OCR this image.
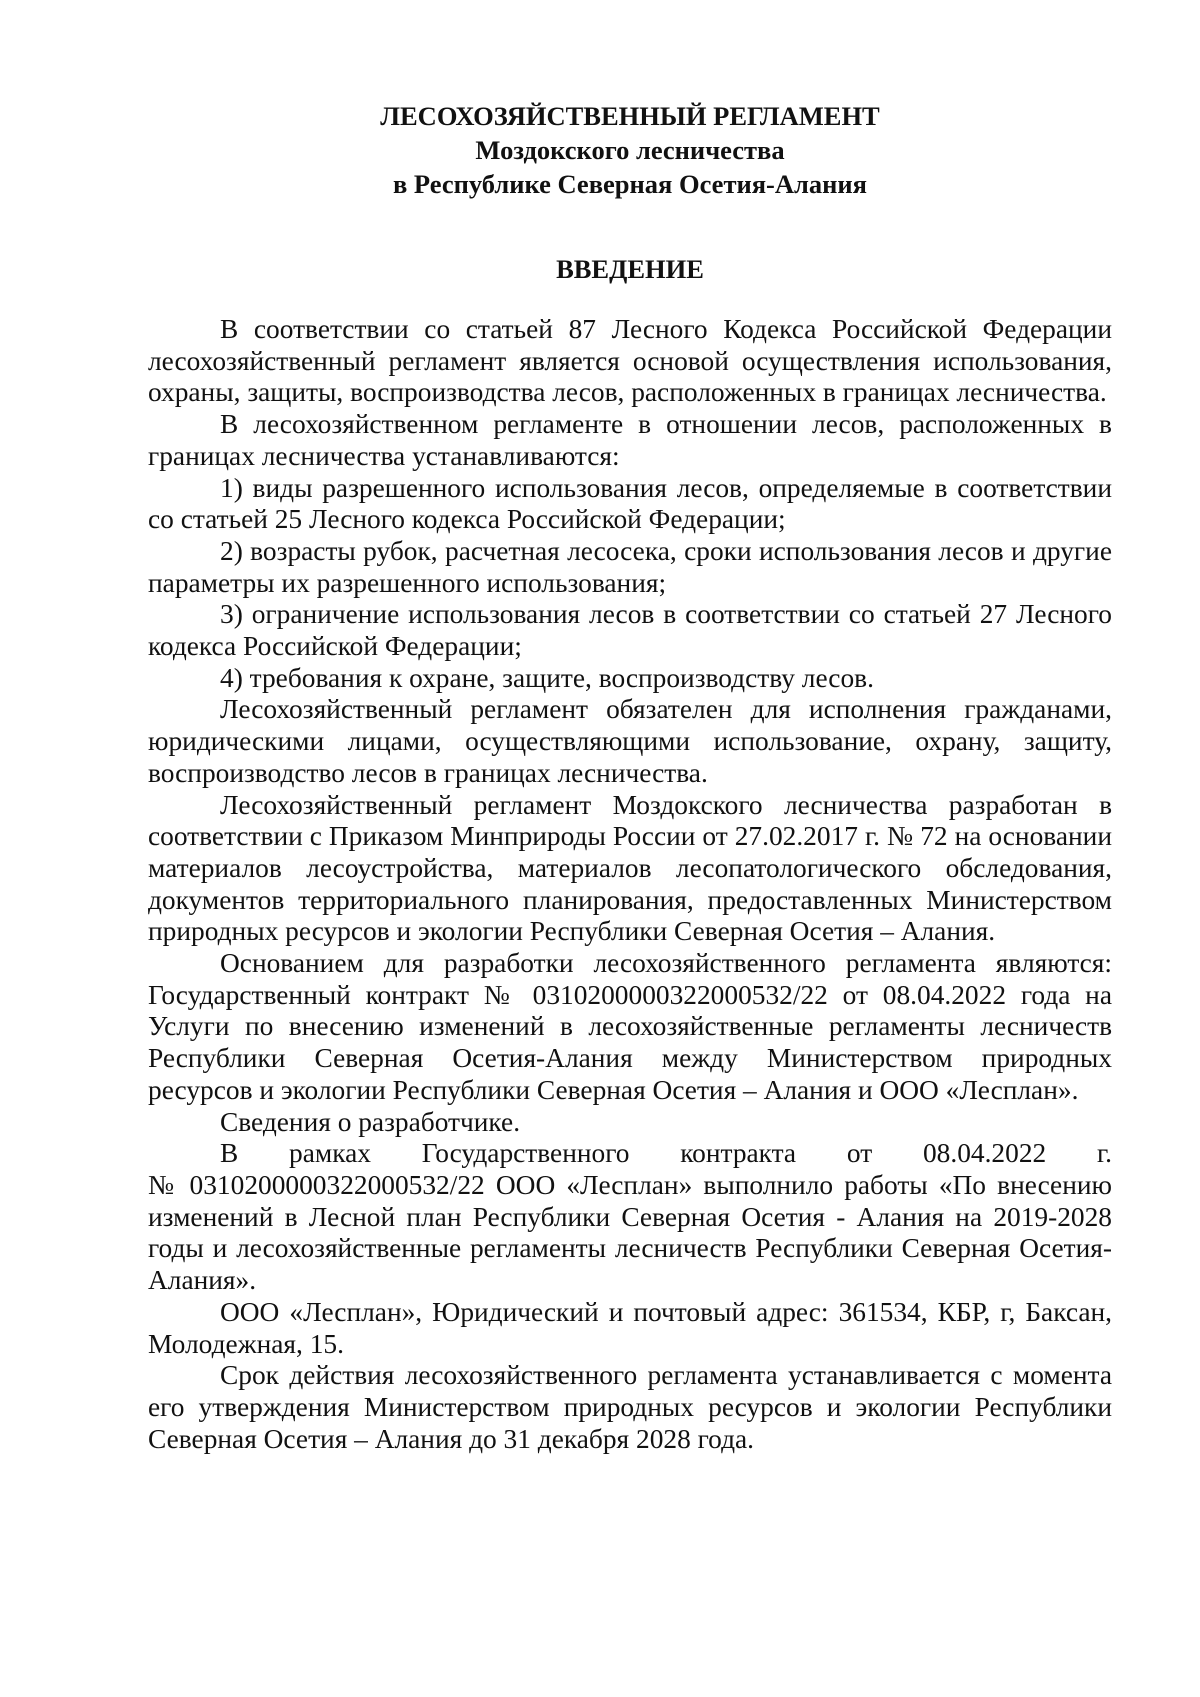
ЛЕСОХОЗЯЙСТВЕННЫЙ РЕГЛАМЕНТ
Моздокского лесничества
в Республике Северная Осетия-Алания
ВВЕДЕНИЕ

В соответствии со статьей 87 Лесного Кодекса Российской Федерации лесохозяйственный регламент является основой осуществления использования, охраны, защиты, воспроизводства лесов, расположенных в границах лесничества.

В лесохозяйственном регламенте в отношении лесов, расположенных в границах лесничества устанавливаются:

1) виды разрешенного использования лесов, определяемые в соответствии со статьей 25 Лесного кодекса Российской Федерации;

2) возрасты рубок, расчетная лесосека, сроки использования лесов и другие параметры их разрешенного использования;

3) ограничение использования лесов в соответствии со статьей 27 Лесного кодекса Российской Федерации;

4) требования к охране, защите, воспроизводству лесов.

Лесохозяйственный регламент обязателен для исполнения гражданами, юридическими лицами, осуществляющими использование, охрану, защиту, воспроизводство лесов в границах лесничества.

Лесохозяйственный регламент Моздокского лесничества разработан в соответствии с Приказом Минприроды России от 27.02.2017 г. № 72 на основании материалов лесоустройства, материалов лесопатологического обследования, документов территориального планирования, предоставленных Министерством природных ресурсов и экологии Республики Северная Осетия – Алания.

Основанием для разработки лесохозяйственного регламента являются: Государственный контракт № 0310200000322000532/22 от 08.04.2022 года на Услуги по внесению изменений в лесохозяйственные регламенты лесничеств Республики Северная Осетия-Алания между Министерством природных ресурсов и экологии Республики Северная Осетия – Алания и ООО «Лесплан».

Сведения о разработчике.

В рамках Государственного контракта от 08.04.2022 г.

№ 0310200000322000532/22 ООО «Лесплан» выполнило работы «По внесению изменений в Лесной план Республики Северная Осетия - Алания на 2019-2028 годы и лесохозяйственные регламенты лесничеств Республики Северная Осетия-Алания».

ООО «Лесплан», Юридический и почтовый адрес: 361534, КБР, г, Баксан, Молодежная, 15.

Срок действия лесохозяйственного регламента устанавливается с момента его утверждения Министерством природных ресурсов и экологии Республики Северная Осетия – Алания до 31 декабря 2028 года.
